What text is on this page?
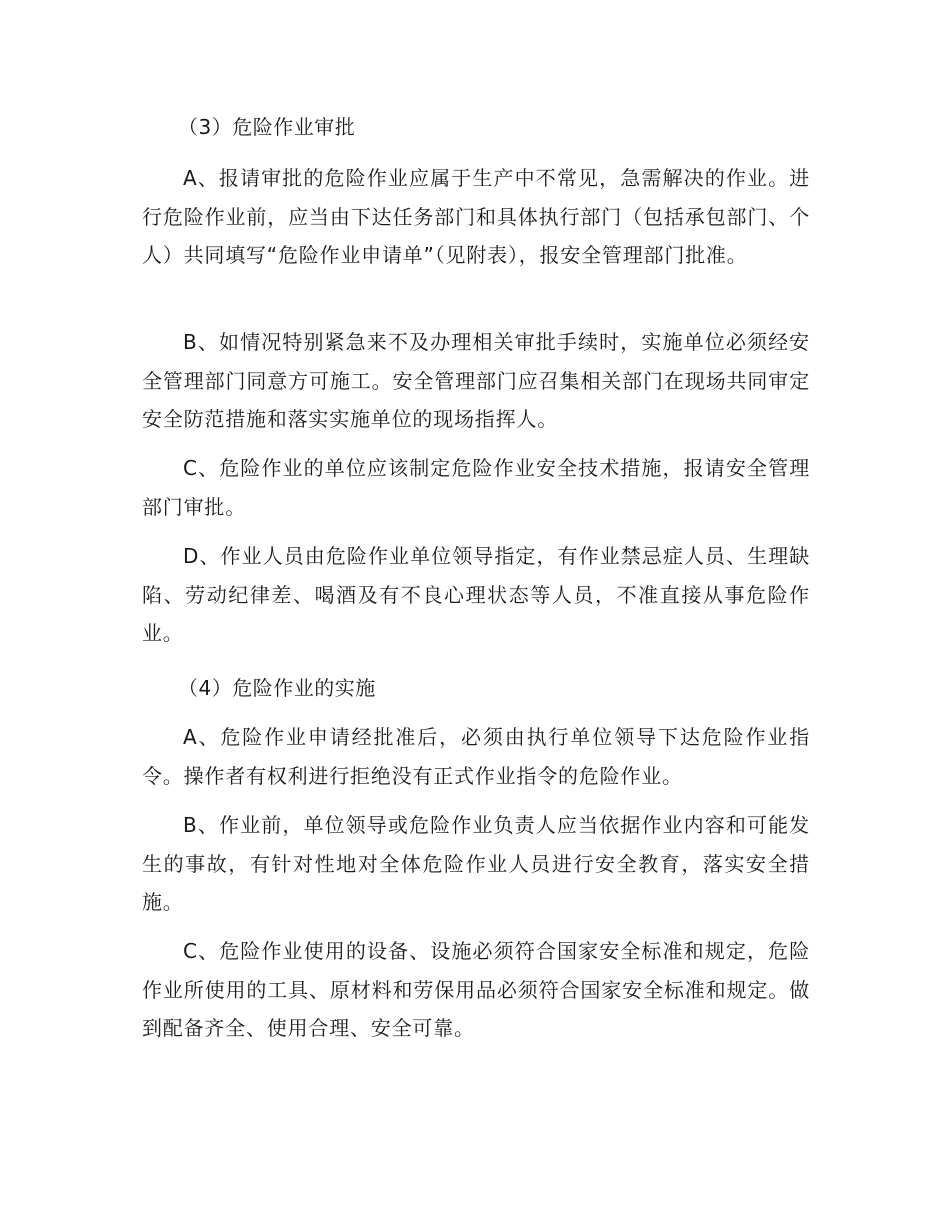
（3）危险作业审批

A、报请审批的危险作业应属于生产中不常见，急需解决的作业。进行危险作业前，应当由下达任务部门和具体执行部门（包括承包部门、个人）共同填写“危险作业申请单”（见附表），报安全管理部门批准。

B、如情况特别紧急来不及办理相关审批手续时，实施单位必须经安全管理部门同意方可施工。安全管理部门应召集相关部门在现场共同审定安全防范措施和落实实施单位的现场指挥人。

C、危险作业的单位应该制定危险作业安全技术措施，报请安全管理部门审批。

D、作业人员由危险作业单位领导指定，有作业禁忌症人员、生理缺陷、劳动纪律差、喝酒及有不良心理状态等人员，不准直接从事危险作业。

（4）危险作业的实施

A、危险作业申请经批准后，必须由执行单位领导下达危险作业指令。操作者有权利进行拒绝没有正式作业指令的危险作业。

B、作业前，单位领导或危险作业负责人应当依据作业内容和可能发生的事故，有针对性地对全体危险作业人员进行安全教育，落实安全措施。

C、危险作业使用的设备、设施必须符合国家安全标准和规定，危险作业所使用的工具、原材料和劳保用品必须符合国家安全标准和规定。做到配备齐全、使用合理、安全可靠。
